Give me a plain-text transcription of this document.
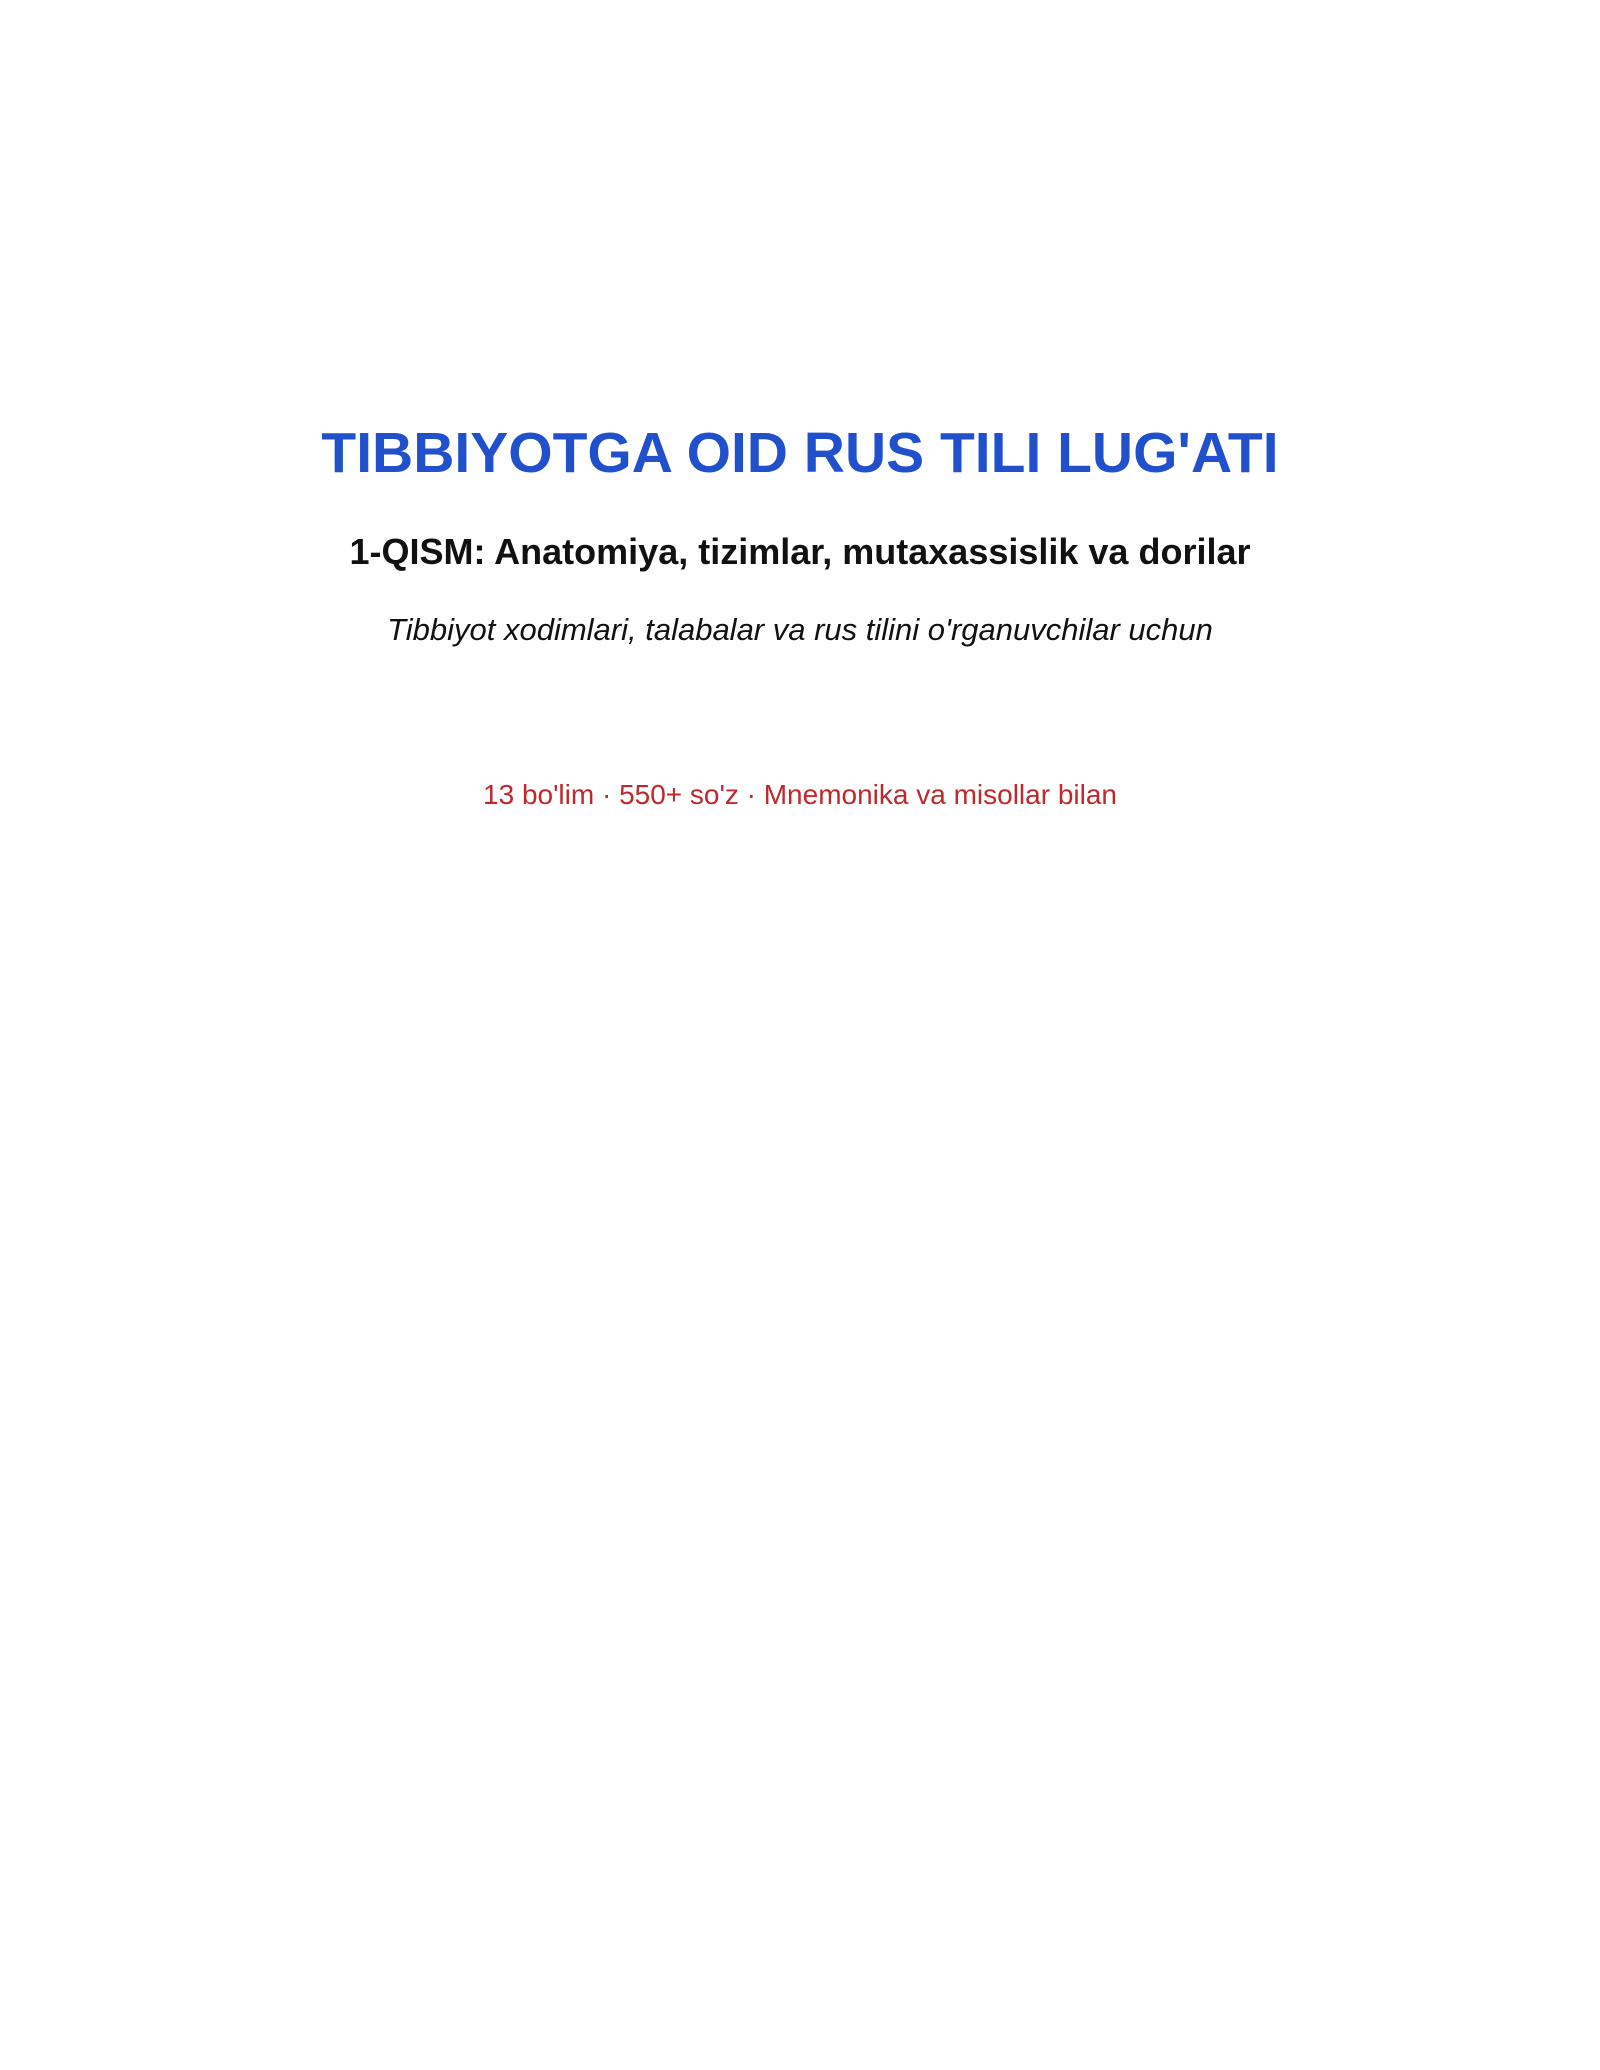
TIBBIYOTGA OID RUS TILI LUG'ATI
1-QISM: Anatomiya, tizimlar, mutaxassislik va dorilar

Tibbiyot xodimlari, talabalar va rus tilini o'rganuvchilar uchun

13 bo'lim · 550+ so'z · Mnemonika va misollar bilan
